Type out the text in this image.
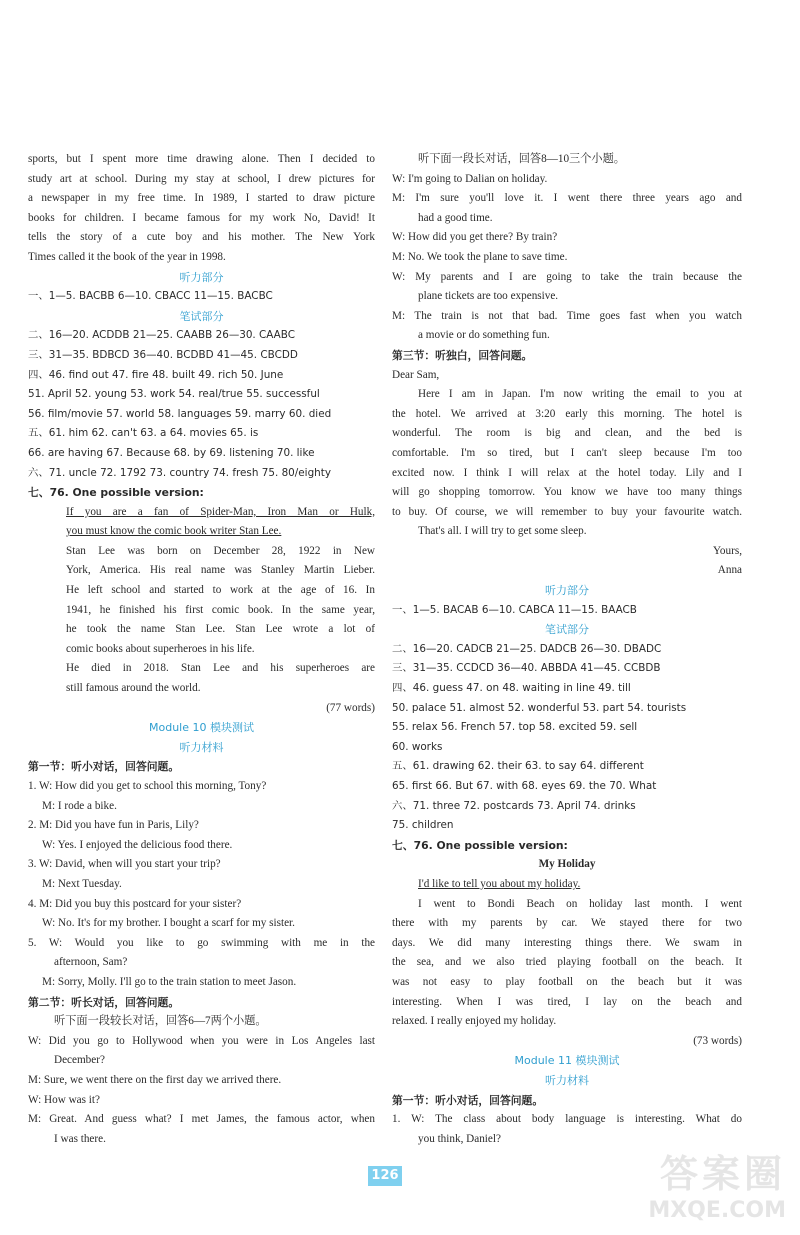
sports, but I spent more time drawing alone. Then I decided to
study art at school. During my stay at school, I drew pictures for
a newspaper in my free time. In 1989, I started to draw picture
books for children. I became famous for my work No, David! It
tells the story of a cute boy and his mother. The New York
Times called it the book of the year in 1998.
听力部分
一、1—5. BACBB 6—10. CBACC 11—15. BACBC
笔试部分
二、16—20. ACDDB 21—25. CAABB 26—30. CAABC
三、31—35. BDBCD 36—40. BCDBD 41—45. CBCDD
四、46. find out 47. fire 48. built 49. rich 50. June
51. April 52. young 53. work 54. real/true 55. successful
56. film/movie 57. world 58. languages 59. marry 60. died
五、61. him 62. can't 63. a 64. movies 65. is
66. are having 67. Because 68. by 69. listening 70. like
六、71. uncle 72. 1792 73. country 74. fresh 75. 80/eighty
七、76. One possible version:
If you are a fan of Spider-Man, Iron Man or Hulk,
you must know the comic book writer Stan Lee.
Stan Lee was born on December 28, 1922 in New
York, America. His real name was Stanley Martin Lieber.
He left school and started to work at the age of 16. In
1941, he finished his first comic book. In the same year,
he took the name Stan Lee. Stan Lee wrote a lot of
comic books about superheroes in his life.
He died in 2018. Stan Lee and his superheroes are
still famous around the world.
(77 words)
Module 10 模块测试
听力材料
第一节：听小对话，回答问题。
1. W: How did you get to school this morning, Tony?
M: I rode a bike.
2. M: Did you have fun in Paris, Lily?
W: Yes. I enjoyed the delicious food there.
3. W: David, when will you start your trip?
M: Next Tuesday.
4. M: Did you buy this postcard for your sister?
W: No. It's for my brother. I bought a scarf for my sister.
5. W: Would you like to go swimming with me in the
afternoon, Sam?
M: Sorry, Molly. I'll go to the train station to meet Jason.
第二节：听长对话，回答问题。
听下面一段较长对话，回答6—7两个小题。
W: Did you go to Hollywood when you were in Los Angeles last
December?
M: Sure, we went there on the first day we arrived there.
W: How was it?
M: Great. And guess what? I met James, the famous actor, when
I was there.
听下面一段长对话，回答8—10三个小题。
W: I'm going to Dalian on holiday.
M: I'm sure you'll love it. I went there three years ago and
had a good time.
W: How did you get there? By train?
M: No. We took the plane to save time.
W: My parents and I are going to take the train because the
plane tickets are too expensive.
M: The train is not that bad. Time goes fast when you watch
a movie or do something fun.
第三节：听独白，回答问题。
Dear Sam,
Here I am in Japan. I'm now writing the email to you at
the hotel. We arrived at 3:20 early this morning. The hotel is
wonderful. The room is big and clean, and the bed is
comfortable. I'm so tired, but I can't sleep because I'm too
excited now. I think I will relax at the hotel today. Lily and I
will go shopping tomorrow. You know we have too many things
to buy. Of course, we will remember to buy your favourite watch.
That's all. I will try to get some sleep.
Yours,
Anna
听力部分
一、1—5. BACAB 6—10. CABCA 11—15. BAACB
笔试部分
二、16—20. CADCB 21—25. DADCB 26—30. DBADC
三、31—35. CCDCD 36—40. ABBDA 41—45. CCBDB
四、46. guess 47. on 48. waiting in line 49. till
50. palace 51. almost 52. wonderful 53. part 54. tourists
55. relax 56. French 57. top 58. excited 59. sell
60. works
五、61. drawing 62. their 63. to say 64. different
65. first 66. But 67. with 68. eyes 69. the 70. What
六、71. three 72. postcards 73. April 74. drinks
75. children
七、76. One possible version:
My Holiday
I'd like to tell you about my holiday.
I went to Bondi Beach on holiday last month. I went
there with my parents by car. We stayed there for two
days. We did many interesting things there. We swam in
the sea, and we also tried playing football on the beach. It
was not easy to play football on the beach but it was
interesting. When I was tired, I lay on the beach and
relaxed. I really enjoyed my holiday.
(73 words)
Module 11 模块测试
听力材料
第一节：听小对话，回答问题。
1. W: The class about body language is interesting. What do
you think, Daniel?
126	答案圈
MXQE.COM
